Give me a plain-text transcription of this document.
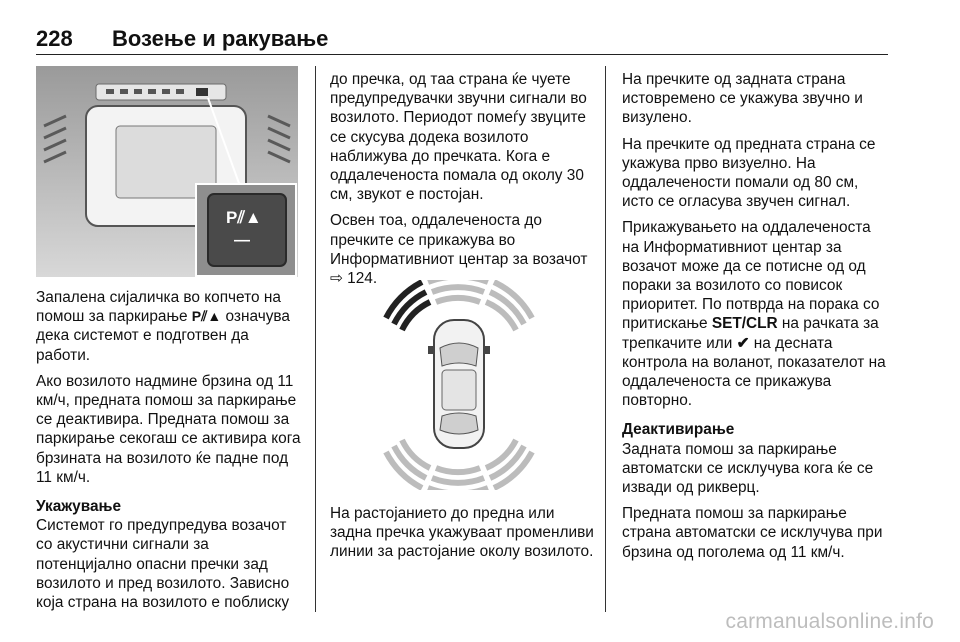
228 Возење и ракување
P⫽▲
—

Запалена сијаличка во копчето на помош за паркирање P⫽▲ означува дека системот е подготвен да работи.

Ако возилото надмине брзина од 11 км/ч, предната помош за паркирање се деактивира. Предната помош за паркирање секогаш се активира кога брзината на возилото ќе падне под 11 км/ч.

Укажување

Системот го предупредува возачот со акустични сигнали за потенцијално опасни пречки зад возилото и пред возилото. Зависно која страна на возилото е поблиску

до пречка, од таа страна ќе чуете предупредувачки звучни сигнали во возилото. Периодот помеѓу звуците се скусува додека возилото наближува до пречката. Кога е оддалеченоста помала од околу 30 см, звукот е постојан.

Освен тоа, оддалеченоста до пречките се прикажува во Информативниот центар за возачот ⇨ 124.

На растојанието до предна или задна пречка укажуваат променливи линии за растојание околу возилото.

На пречките од задната страна истовремено се укажува звучно и визулено.

На пречките од предната страна се укажува прво визуелно. На оддалечености помали од 80 см, исто се огласува звучен сигнал.

Прикажувањето на оддалеченоста на Информативниот центар за возачот може да се потисне од од пораки за возилото со повисок приоритет. По потврда на порака со притискање SET/CLR на рачката за трепкачите или ✔ на десната контрола на воланот, показателот на оддалеченоста се прикажува повторно.

Деактивирање

Задната помош за паркирање автоматски се исклучува кога ќе се извади од рикверц.

Предната помош за паркирање страна автоматски се исклучува при брзина од поголема од 11 км/ч.

carmanualsonline.info
